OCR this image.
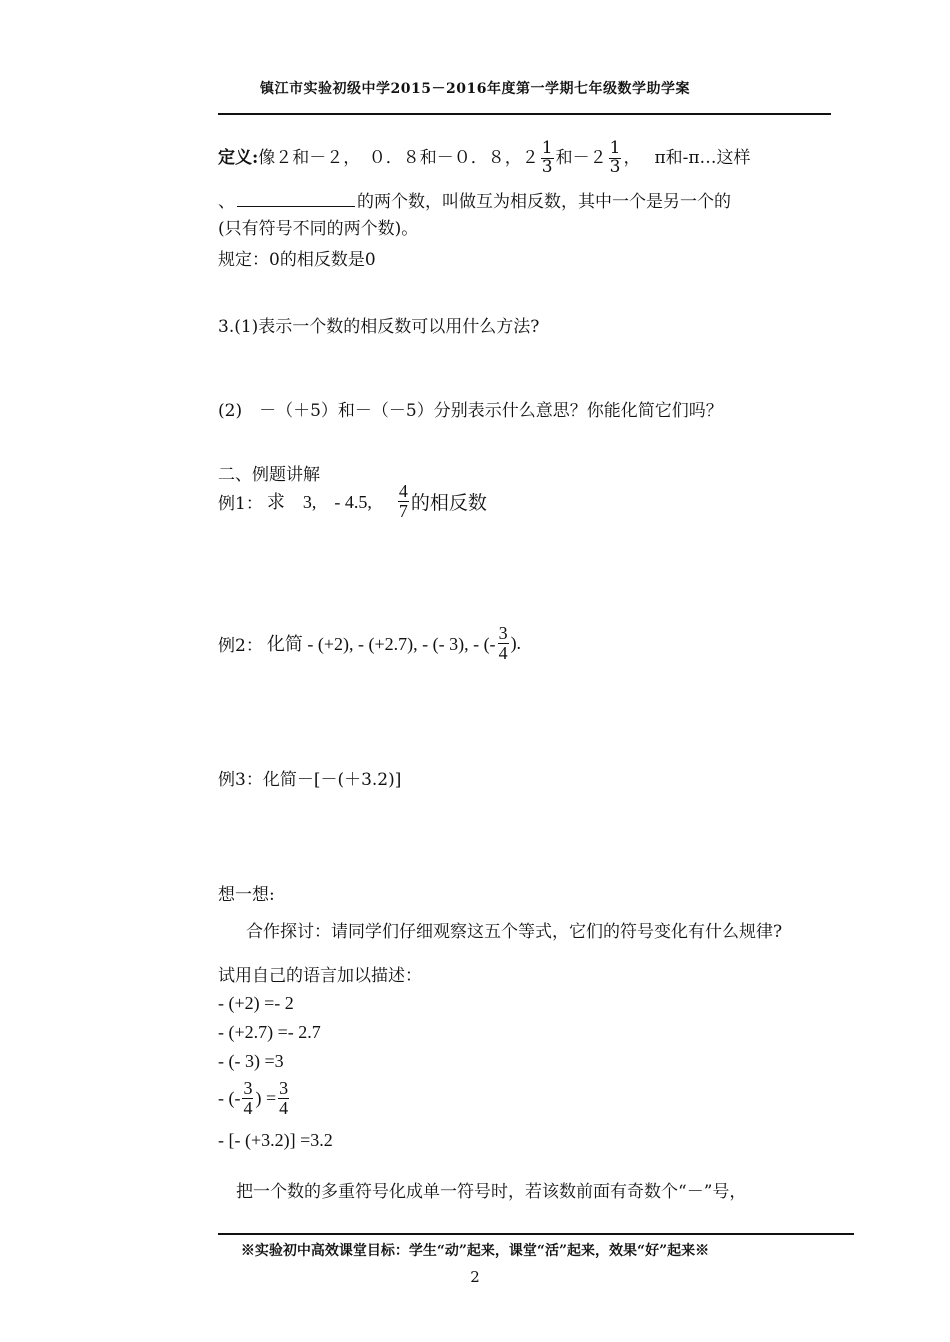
镇江市实验初级中学2015－2016年度第一学期七年级数学助学案
定义:像２和－２，　０．８和－０．８，$2 \frac{1}{3}$ 和$-2 \frac{1}{3}$ ， π和-π…这样
、	的两个数，叫做互为相反数，其中一个是另一个的
(只有符号不同的两个数)。
规定：0的相反数是0
3.(1)表示一个数的相反数可以用什么方法?
(2)　－（＋5）和－（－5）分别表示什么意思？你能化简它们吗？
二、例题讲解
例1： 求　3,　- 4.5, $\frac{4}{7}$ 的相反数
例2： 化简 - (+2), - (+2.7), - (- 3), - (- $\frac{3}{4}$ ).
例3：化简－[－(＋3.2)]
想一想:
合作探讨：请同学们仔细观察这五个等式，它们的符号变化有什么规律?
试用自己的语言加以描述：
- (+2) =- 2
- (+2.7) =- 2.7
- (- 3) =3
- (- $\frac{3}{4}$ ) = $\frac{3}{4}$
- [- (+3.2)] =3.2
把一个数的多重符号化成单一符号时，若该数前面有奇数个“－”号，
※实验初中高效课堂目标：学生“动”起来，课堂“活”起来，效果“好”起来※
2
